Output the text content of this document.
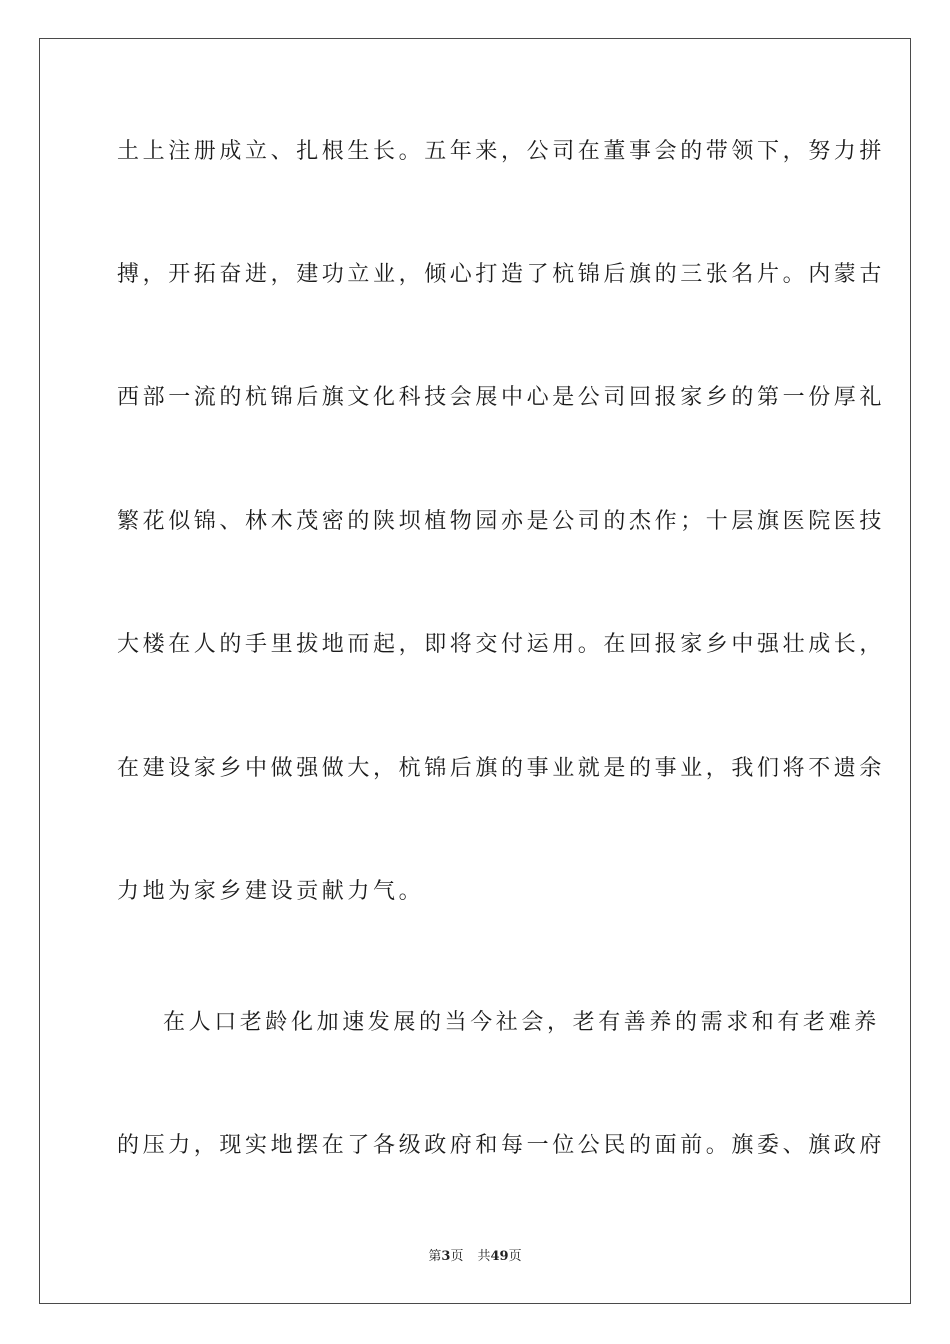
土上注册成立、扎根生长。五年来，公司在董事会的带领下，努力拼
搏，开拓奋进，建功立业，倾心打造了杭锦后旗的三张名片。内蒙古
西部一流的杭锦后旗文化科技会展中心是公司回报家乡的第一份厚礼
繁花似锦、林木茂密的陕坝植物园亦是公司的杰作；十层旗医院医技
大楼在人的手里拔地而起，即将交付运用。在回报家乡中强壮成长，
在建设家乡中做强做大，杭锦后旗的事业就是的事业，我们将不遗余
力地为家乡建设贡献力气。
在人口老龄化加速发展的当今社会，老有善养的需求和有老难养
的压力，现实地摆在了各级政府和每一位公民的面前。旗委、旗政府
第3页 共49页
